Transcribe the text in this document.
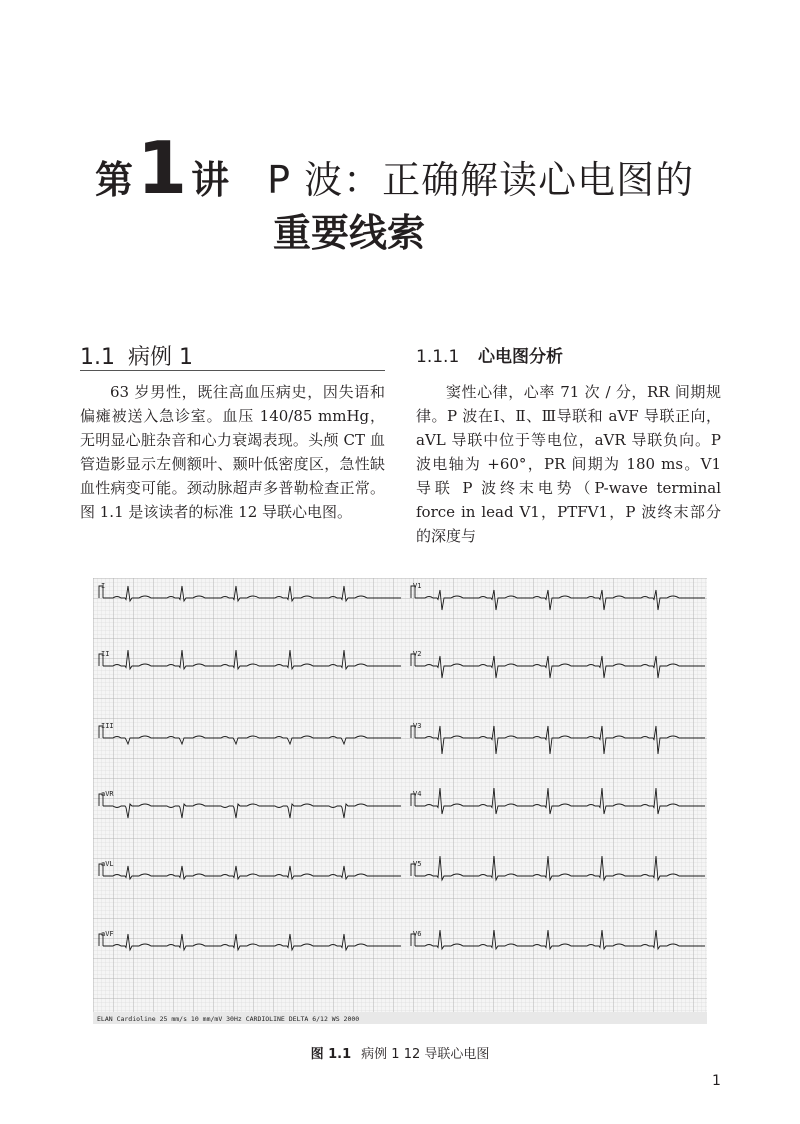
第 1 讲 P 波：正确解读心电图的
重要线索
1.1 病例 1	1.1.1 心电图分析

63 岁男性，既往高血压病史，因失语和偏瘫被送入急诊室。血压 140/85 mmHg，无明显心脏杂音和心力衰竭表现。头颅 CT 血管造影显示左侧额叶、颞叶低密度区，急性缺血性病变可能。颈动脉超声多普勒检查正常。图 1.1 是该读者的标准 12 导联心电图。

窦性心律，心率 71 次 / 分，RR 间期规律。P 波在Ⅰ、Ⅱ、Ⅲ导联和 aVF 导联正向，aVL 导联中位于等电位，aVR 导联负向。P 波电轴为 +60°，PR 间期为 180 ms。V1 导联 P 波终末电势（P-wave terminal force in lead V1，PTFV1，P 波终末部分的深度与

I	V1
II	V2
III	V3
aVR	V4
aVL	V5
aVF	V6
ELAN Cardioline 25 mm/s 10 mm/mV 30Hz CARDIOLINE DELTA 6/12 WS 2000
图 1.1 病例 1 12 导联心电图
1
